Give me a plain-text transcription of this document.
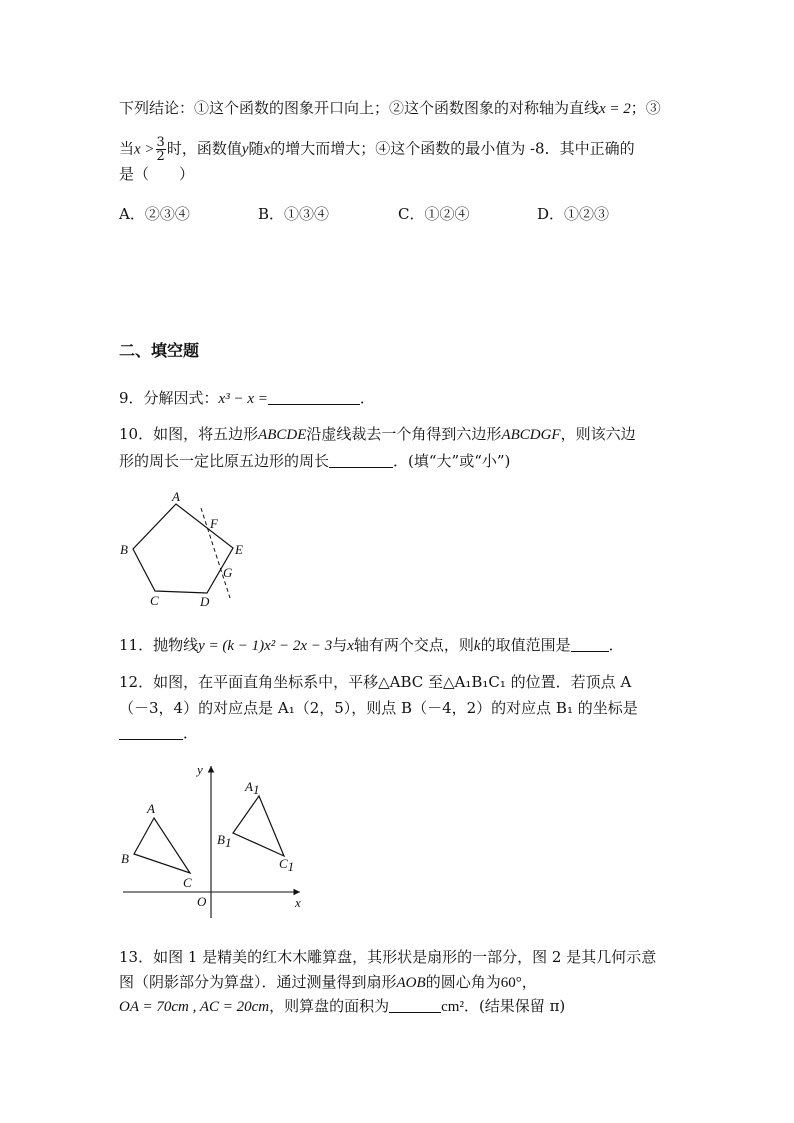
下列结论：①这个函数的图象开口向上；②这个函数图象的对称轴为直线x = 2；③
当$x > \frac{3}{2}$ 时，函数值y随x的增大而增大；④这个函数的最小值为 -8．其中正确的
是（　　）
A．②③④	B．①③④	C．①②④	D．①②③
二、填空题
9．分解因式：x³ − x =	．
10．如图，将五边形ABCDE沿虚线裁去一个角得到六边形ABCDGF，则该六边
形的周长一定比原五边形的周长	．(填“大”或“小”)
A
B
C	D
E
F
G
11．抛物线y = (k − 1)x² − 2x − 3与x轴有两个交点，则k的取值范围是	．
12．如图，在平面直角坐标系中，平移△ABC 至△A₁B₁C₁ 的位置．若顶点 A
（－3，4）的对应点是 A₁（2，5），则点 B（－4，2）的对应点 B₁ 的坐标是
．
y
x
O
A
B
C
A1
B1
C1
13．如图 1 是精美的红木木雕算盘，其形状是扇形的一部分，图 2 是其几何示意
图（阴影部分为算盘）．通过测量得到扇形AOB的圆心角为60°，
OA = 70cm , AC = 20cm，则算盘的面积为	cm²．(结果保留 π)
